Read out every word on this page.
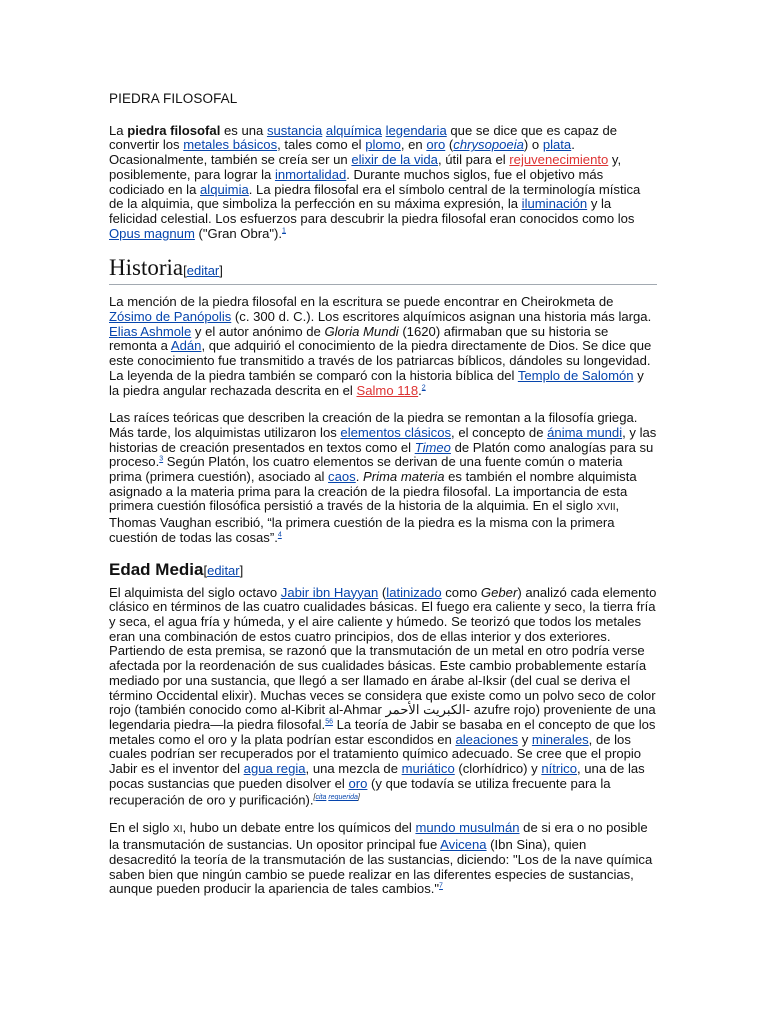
PIEDRA FILOSOFAL

La piedra filosofal es una sustancia alquímica legendaria que se dice que es capaz de convertir los metales básicos, tales como el plomo, en oro (chrysopoeia) o plata. Ocasionalmente, también se creía ser un elixir de la vida, útil para el rejuvenecimiento y, posiblemente, para lograr la inmortalidad. Durante muchos siglos, fue el objetivo más codiciado en la alquimia. La piedra filosofal era el símbolo central de la terminología mística de la alquimia, que simboliza la perfección en su máxima expresión, la iluminación y la felicidad celestial. Los esfuerzos para descubrir la piedra filosofal eran conocidos como los Opus magnum ("Gran Obra").$^1$

Historia[editar]

La mención de la piedra filosofal en la escritura se puede encontrar en Cheirokmeta de Zósimo de Panópolis (c. 300 d. C.). Los escritores alquímicos asignan una historia más larga. Elias Ashmole y el autor anónimo de Gloria Mundi (1620) afirmaban que su historia se remonta a Adán, que adquirió el conocimiento de la piedra directamente de Dios. Se dice que este conocimiento fue transmitido a través de los patriarcas bíblicos, dándoles su longevidad. La leyenda de la piedra también se comparó con la historia bíblica del Templo de Salomón y la piedra angular rechazada descrita en el Salmo 118.$^2$

Las raíces teóricas que describen la creación de la piedra se remontan a la filosofía griega. Más tarde, los alquimistas utilizaron los elementos clásicos, el concepto de ánima mundi, y las historias de creación presentados en textos como el Timeo de Platón como analogías para su proceso.$^3$ Según Platón, los cuatro elementos se derivan de una fuente común o materia prima (primera cuestión), asociado al caos. Prima materia es también el nombre alquimista asignado a la materia prima para la creación de la piedra filosofal. La importancia de esta primera cuestión filosófica persistió a través de la historia de la alquimia. En el siglo XVII, Thomas Vaughan escribió, “la primera cuestión de la piedra es la misma con la primera cuestión de todas las cosas”.$^4$

Edad Media[editar]

El alquimista del siglo octavo Jabir ibn Hayyan (latinizado como Geber) analizó cada elemento clásico en términos de las cuatro cualidades básicas. El fuego era caliente y seco, la tierra fría y seca, el agua fría y húmeda, y el aire caliente y húmedo. Se teorizó que todos los metales eran una combinación de estos cuatro principios, dos de ellas interior y dos exteriores. Partiendo de esta premisa, se razonó que la transmutación de un metal en otro podría verse afectada por la reordenación de sus cualidades básicas. Este cambio probablemente estaría mediado por una sustancia, que llegó a ser llamado en árabe al-Iksir (del cual se deriva el término Occidental elixir). Muchas veces se considera que existe como un polvo seco de color rojo (también conocido como al-Kibrit al-Ahmar الكبريت الأحمر- azufre rojo) proveniente de una legendaria piedra—la piedra filosofal.$^{56}$ La teoría de Jabir se basaba en el concepto de que los metales como el oro y la plata podrían estar escondidos en aleaciones y minerales, de los cuales podrían ser recuperados por el tratamiento químico adecuado. Se cree que el propio Jabir es el inventor del agua regia, una mezcla de muriático (clorhídrico) y nítrico, una de las pocas sustancias que pueden disolver el oro (y que todavía se utiliza frecuente para la recuperación de oro y purificación).$^{[cita}$ $^{requerida]}$

En el siglo XI, hubo un debate entre los químicos del mundo musulmán de si era o no posible la transmutación de sustancias. Un opositor principal fue Avicena (Ibn Sina), quien desacreditó la teoría de la transmutación de las sustancias, diciendo: "Los de la nave química saben bien que ningún cambio se puede realizar en las diferentes especies de sustancias, aunque pueden producir la apariencia de tales cambios."$^7$
